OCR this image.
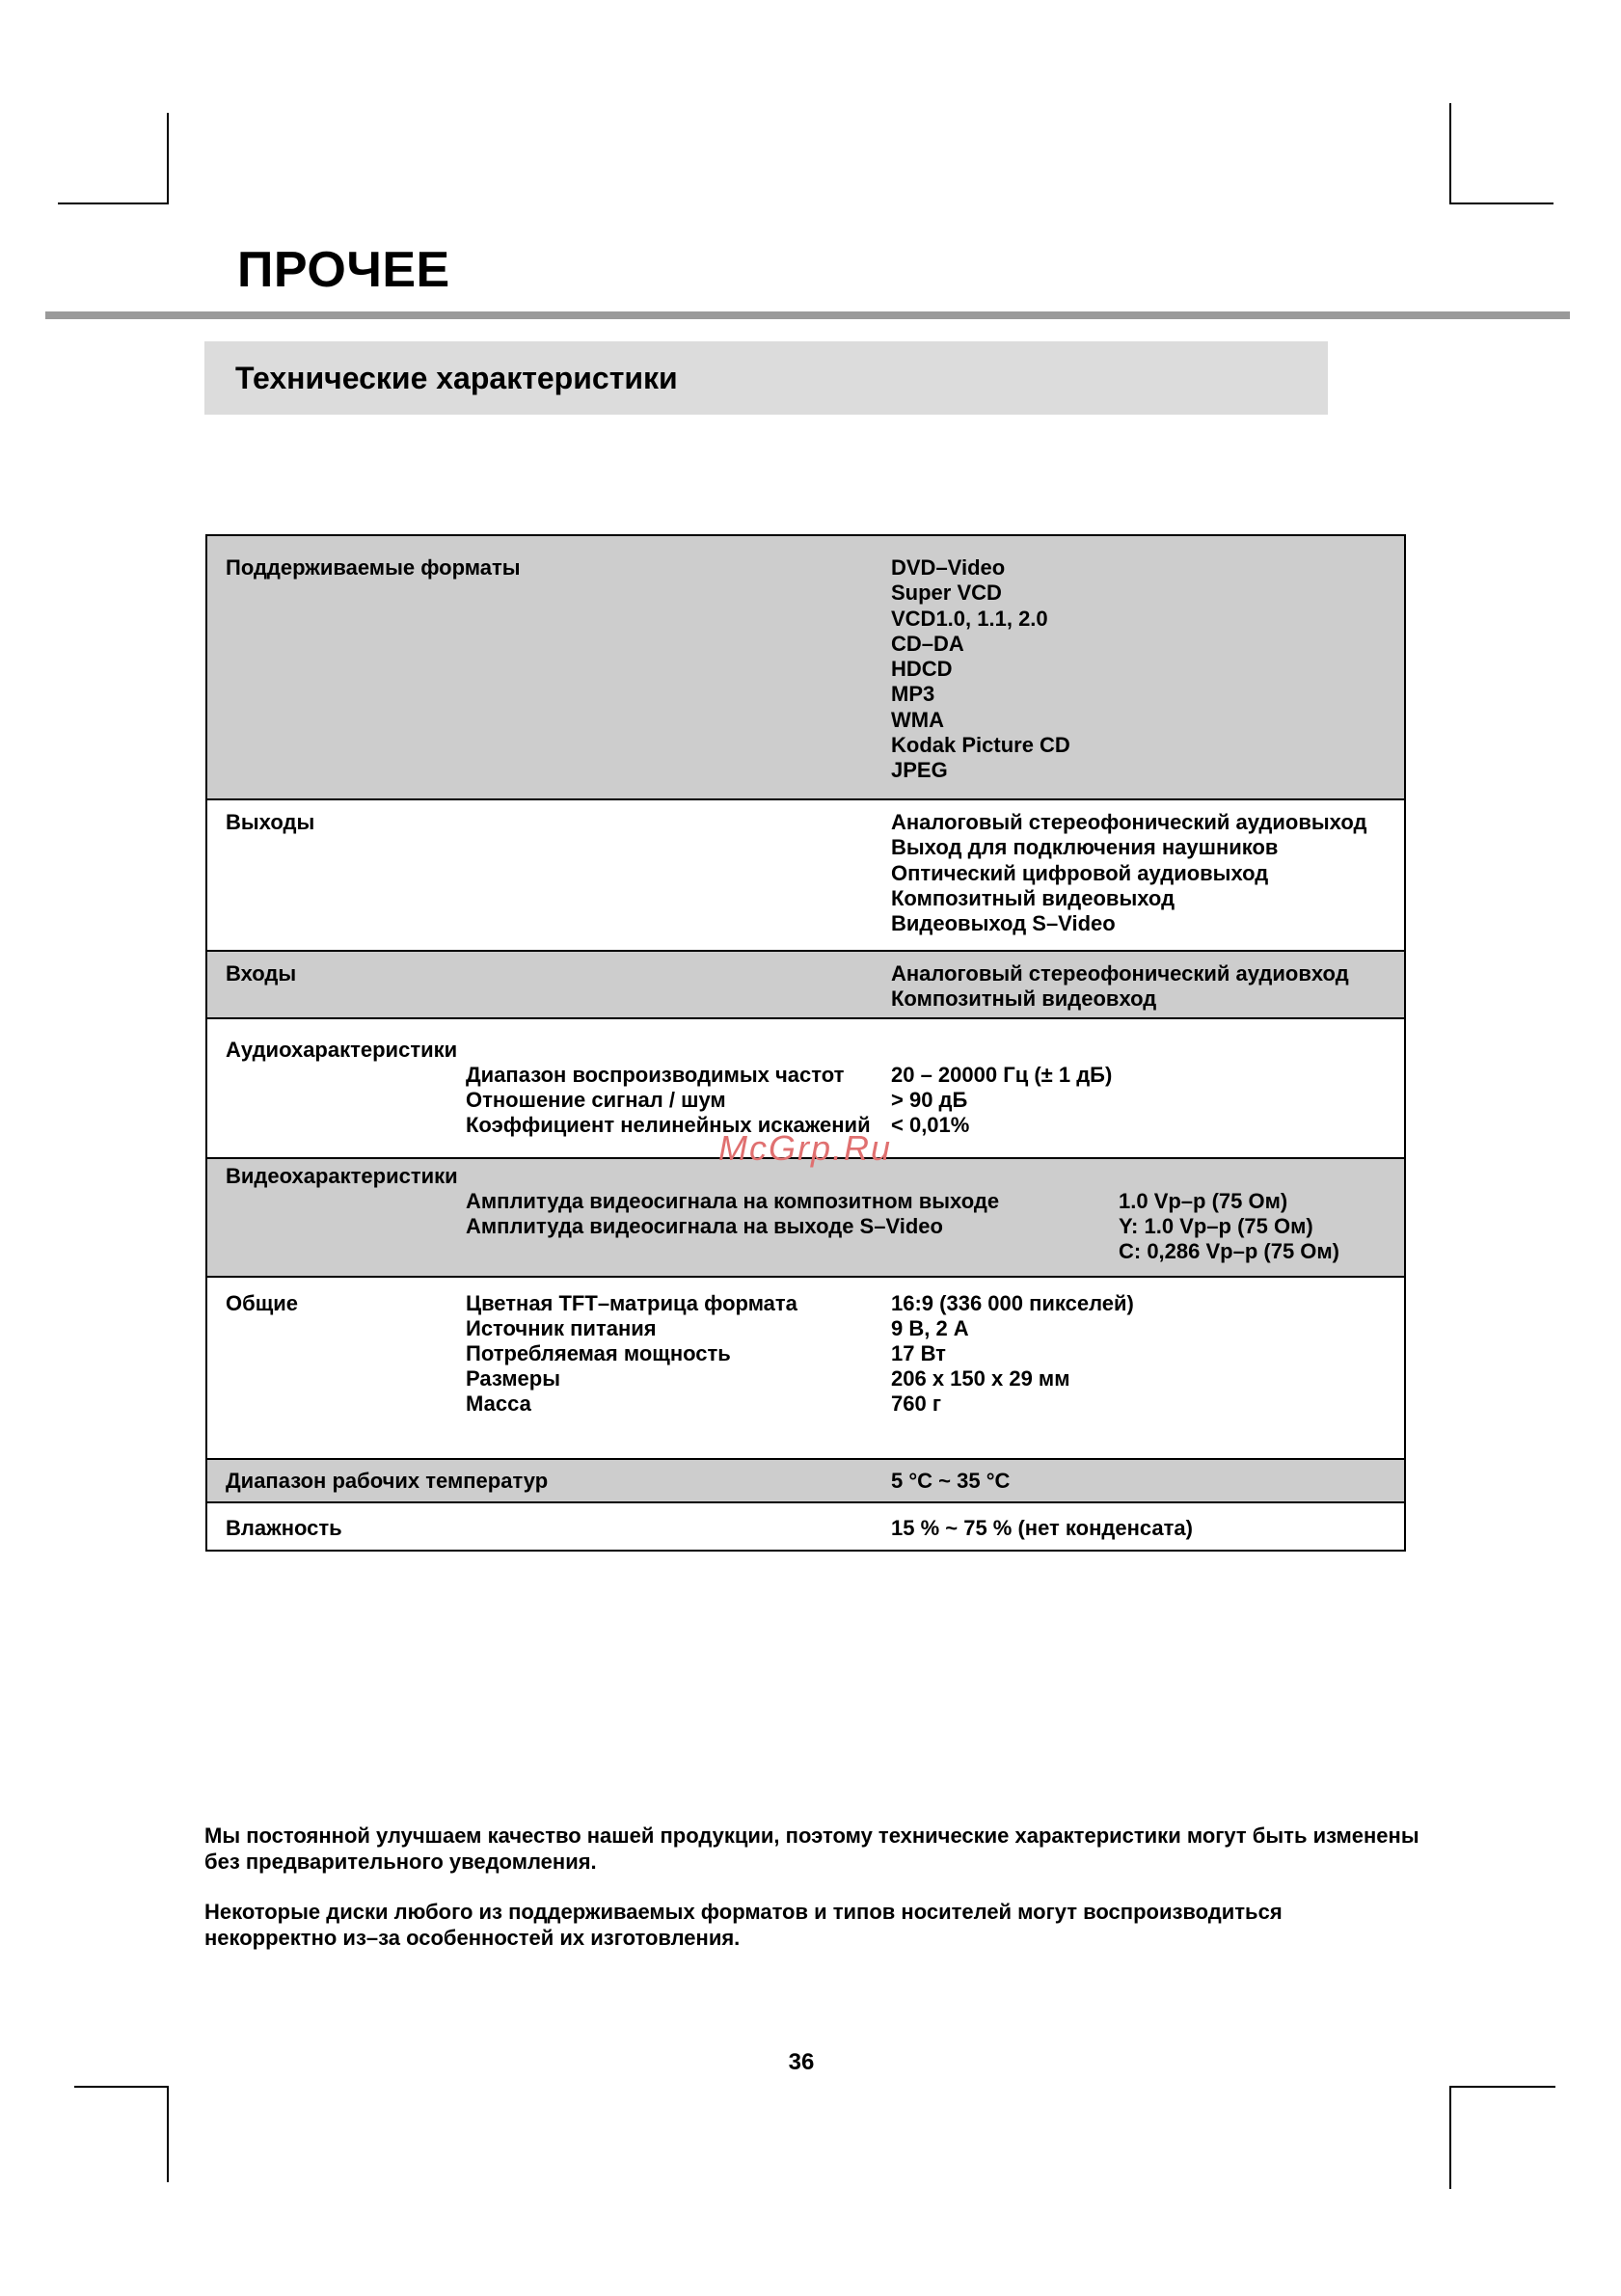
ПРОЧЕЕ
Технические характеристики
Поддерживаемые форматы	DVD–Video
Super VCD
VCD1.0, 1.1, 2.0
CD–DA
HDCD
MP3
WMA
Kodak Picture CD
JPEG
Выходы	Аналоговый стереофонический аудиовыход
Выход для подключения наушников
Оптический цифровой аудиовыход
Композитный видеовыход
Видеовыход S–Video
Входы	Аналоговый стереофонический аудиовход
Композитный видеовход
Аудиохарактеристики
Диапазон воспроизводимых частот 20 – 20000 Гц (± 1 дБ)
Отношение сигнал / шум	> 90 дБ
Коэффициент нелинейных искажений < 0,01%
Видеохарактеристики
Амплитуда видеосигнала на композитном выходе	1.0 Vp–p (75 Ом)
Амплитуда видеосигнала на выходе S–Video	Y: 1.0 Vp–p (75 Ом)
C: 0,286 Vp–p (75 Ом)
Общие	Цветная TFT–матрица формата	16:9 (336 000 пикселей)
Источник питания	9 В, 2 А
Потребляемая мощность	17 Вт
Размеры	206 x 150 x 29 мм
Масса	760 г
Диапазон рабочих температур	5 °C ~ 35 °C
Влажность	15 % ~ 75 % (нет конденсата)
McGrp.Ru

Мы постоянной улучшаем качество нашей продукции, поэтому технические характеристики могут быть изменены без предварительного уведомления.

Некоторые диски любого из поддерживаемых форматов и типов носителей могут воспроизводиться некорректно из–за особенностей их изготовления.

36
